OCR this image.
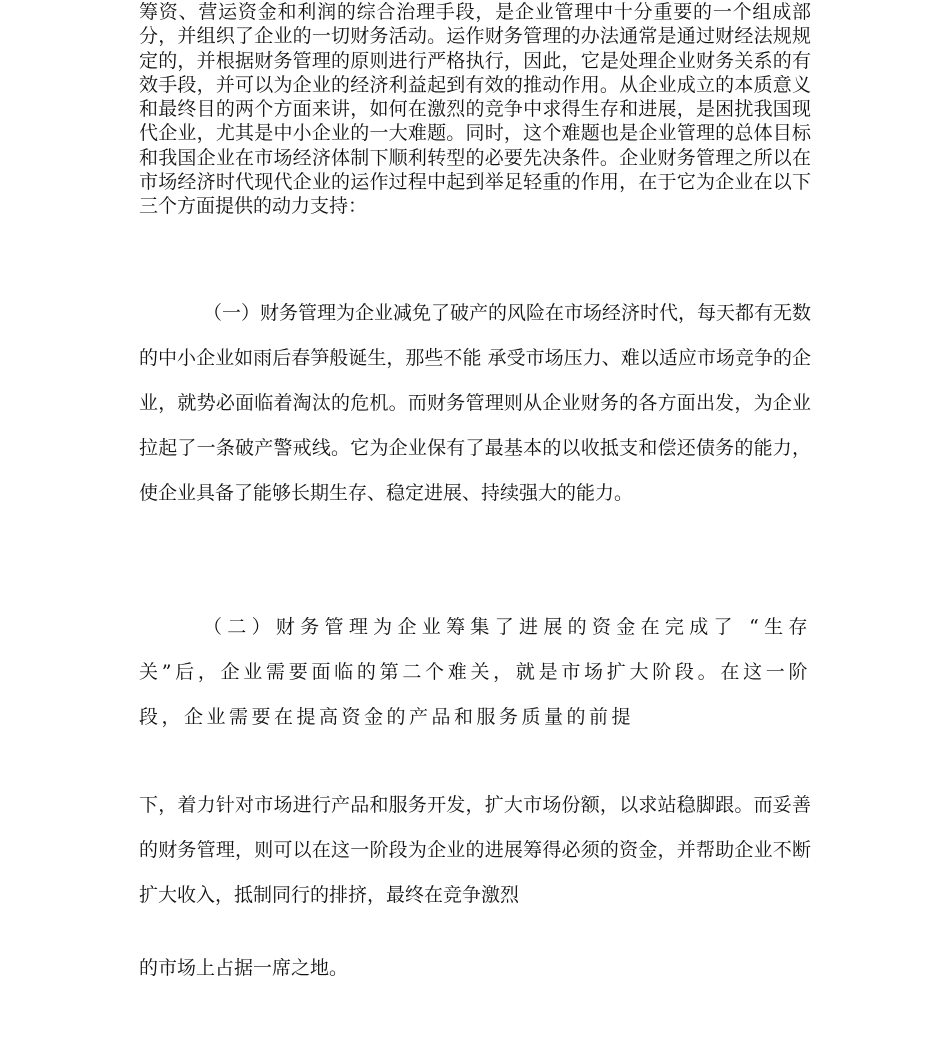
筹资、营运资金和利润的综合治理手段，是企业管理中十分重要的一个组成部分，并组织了企业的一切财务活动。运作财务管理的办法通常是通过财经法规规定的，并根据财务管理的原则进行严格执行，因此，它是处理企业财务关系的有 效手段，并可以为企业的经济利益起到有效的推动作用。从企业成立的本质意义和最终目的两个方面来讲，如何在激烈的竞争中求得生存和进展，是困扰我国现代企业，尤其是中小企业的一大难题。同时，这个难题也是企业管理的总体目标和我国企业在市场经济体制下顺利转型的必要先决条件。企业财务管理之所以在市场经济时代现代企业的运作过程中起到举足轻重的作用，在于它为企业在以下三个方面提供的动力支持：

（一）财务管理为企业减免了破产的风险在市场经济时代，每天都有无数的中小企业如雨后春笋般诞生，那些不能 承受市场压力、难以适应市场竞争的企业，就势必面临着淘汰的危机。而财务管理则从企业财务的各方面出发，为企业拉起了一条破产警戒线。它为企业保有了最基本的以收抵支和偿还债务的能力，使企业具备了能够长期生存、稳定进展、持续强大的能力。

（二）财务管理为企业筹集了进展的资金在完成了 “生存关”后，企业需要面临的第二个难关，就是市场扩大阶段。在这一阶段，企业需要在提高资金的产品和服务质量的前提

下，着力针对市场进行产品和服务开发，扩大市场份额，以求站稳脚跟。而妥善的财务管理，则可以在这一阶段为企业的进展筹得必须的资金，并帮助企业不断扩大收入，抵制同行的排挤，最终在竞争激烈

的市场上占据一席之地。
